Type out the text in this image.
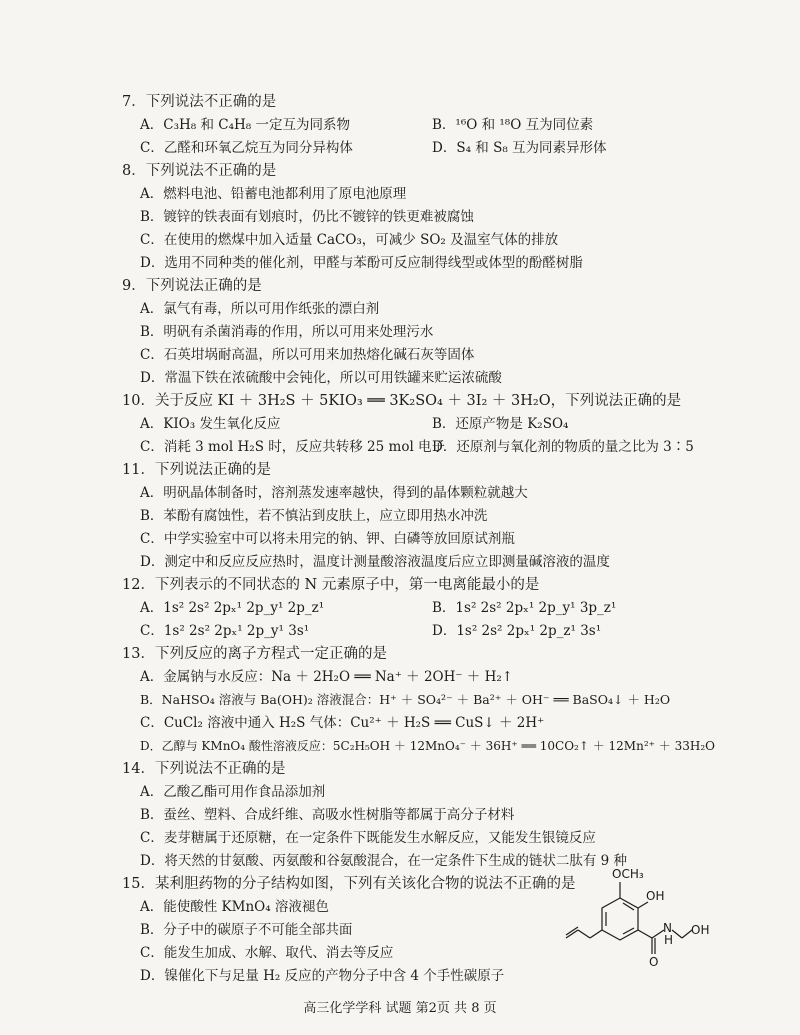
7．下列说法不正确的是
A．C₃H₈ 和 C₄H₈ 一定互为同系物	B．¹⁶O 和 ¹⁸O 互为同位素
C．乙醛和环氧乙烷互为同分异构体	D．S₄ 和 S₈ 互为同素异形体
8．下列说法不正确的是
A．燃料电池、铅蓄电池都利用了原电池原理
B．镀锌的铁表面有划痕时，仍比不镀锌的铁更难被腐蚀
C．在使用的燃煤中加入适量 CaCO₃，可减少 SO₂ 及温室气体的排放
D．选用不同种类的催化剂，甲醛与苯酚可反应制得线型或体型的酚醛树脂
9．下列说法正确的是
A．氯气有毒，所以可用作纸张的漂白剂
B．明矾有杀菌消毒的作用，所以可用来处理污水
C．石英坩埚耐高温，所以可用来加热熔化碱石灰等固体
D．常温下铁在浓硫酸中会钝化，所以可用铁罐来贮运浓硫酸
10．关于反应 KI ＋ 3H₂S ＋ 5KIO₃ ══ 3K₂SO₄ ＋ 3I₂ ＋ 3H₂O，下列说法正确的是
A．KIO₃ 发生氧化反应	B．还原产物是 K₂SO₄
C．消耗 3 mol H₂S 时，反应共转移 25 mol 电子
D．还原剂与氧化剂的物质的量之比为 3∶5
11．下列说法正确的是
A．明矾晶体制备时，溶剂蒸发速率越快，得到的晶体颗粒就越大
B．苯酚有腐蚀性，若不慎沾到皮肤上，应立即用热水冲洗
C．中学实验室中可以将未用完的钠、钾、白磷等放回原试剂瓶
D．测定中和反应反应热时，温度计测量酸溶液温度后应立即测量碱溶液的温度
12．下列表示的不同状态的 N 元素原子中，第一电离能最小的是
A．1s² 2s² 2pₓ¹ 2p_y¹ 2p_z¹	B．1s² 2s² 2pₓ¹ 2p_y¹ 3p_z¹
C．1s² 2s² 2pₓ¹ 2p_y¹ 3s¹	D．1s² 2s² 2pₓ¹ 2p_z¹ 3s¹
13．下列反应的离子方程式一定正确的是
A．金属钠与水反应：Na ＋ 2H₂O ══ Na⁺ ＋ 2OH⁻ ＋ H₂↑
B．NaHSO₄ 溶液与 Ba(OH)₂ 溶液混合：H⁺ ＋ SO₄²⁻ ＋ Ba²⁺ ＋ OH⁻ ══ BaSO₄↓ ＋ H₂O
C．CuCl₂ 溶液中通入 H₂S 气体：Cu²⁺ ＋ H₂S ══ CuS↓ ＋ 2H⁺
D．乙醇与 KMnO₄ 酸性溶液反应：5C₂H₅OH ＋ 12MnO₄⁻ ＋ 36H⁺ ══ 10CO₂↑ ＋ 12Mn²⁺ ＋ 33H₂O
14．下列说法不正确的是
A．乙酸乙酯可用作食品添加剂
B．蚕丝、塑料、合成纤维、高吸水性树脂等都属于高分子材料
C．麦芽糖属于还原糖，在一定条件下既能发生水解反应，又能发生银镜反应
D．将天然的甘氨酸、丙氨酸和谷氨酸混合，在一定条件下生成的链状二肽有 9 种
15．某利胆药物的分子结构如图，下列有关该化合物的说法不正确的是
A．能使酸性 KMnO₄ 溶液褪色
B．分子中的碳原子不可能全部共面
C．能发生加成、水解、取代、消去等反应
D．镍催化下与足量 H₂ 反应的产物分子中含 4 个手性碳原子
OCH₃
OH
O
N
H
OH
高三化学学科 试题 第2页 共 8 页
